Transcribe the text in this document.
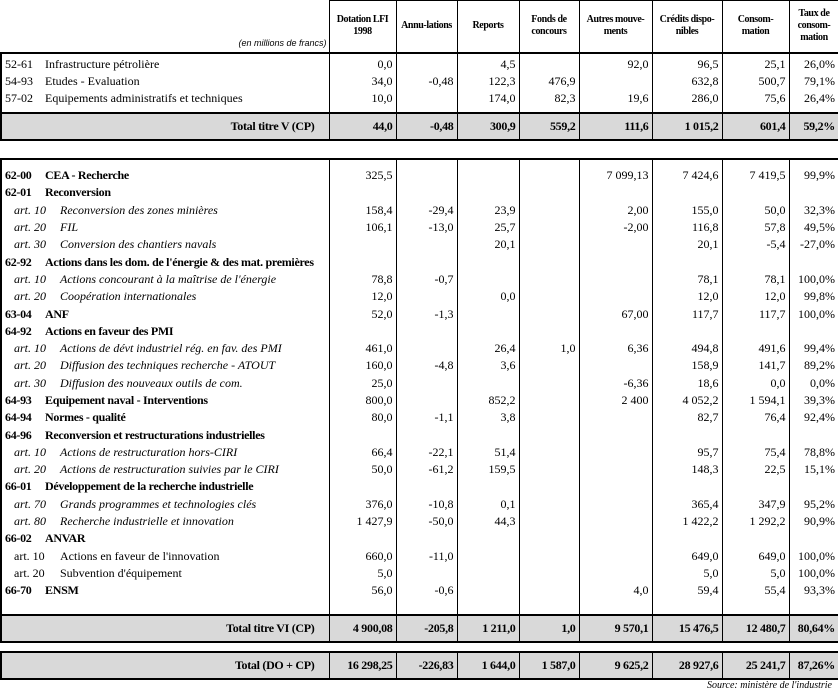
(en millions de francs)	Dotation LFI 1998	Annu-lations	Reports	Fonds de concours	Autres mouve-ments	Crédits dispo-nibles	Consom-mation	Taux de consom-mation

52-61 Infrastructure pétrolière	0,0		4,5		92,0	96,5	25,1	26,0%
54-93 Etudes - Evaluation	34,0	-0,48	122,3	476,9		632,8	500,7	79,1%
57-02 Equipements administratifs et techniques	10,0		174,0	82,3	19,6	286,0	75,6	26,4%

Total titre V (CP)	44,0	-0,48	300,9	559,2	111,6	1 015,2	601,4	59,2%

62-00 CEA - Recherche	325,5				7 099,13	7 424,6	7 419,5	99,9%
62-01 Reconversion								
art. 10 Reconversion des zones minières	158,4	-29,4	23,9		2,00	155,0	50,0	32,3%
art. 20 FIL	106,1	-13,0	25,7		-2,00	116,8	57,8	49,5%
art. 30 Conversion des chantiers navals			20,1			20,1	-5,4	-27,0%
62-92 Actions dans les dom. de l'énergie & des mat. premières								
art. 10 Actions concourant à la maîtrise de l'énergie	78,8	-0,7				78,1	78,1	100,0%
art. 20 Coopération internationales	12,0		0,0			12,0	12,0	99,8%
63-04 ANF	52,0	-1,3			67,00	117,7	117,7	100,0%
64-92 Actions en faveur des PMI								
art. 10 Actions de dévt industriel rég. en fav. des PMI	461,0		26,4	1,0	6,36	494,8	491,6	99,4%
art. 20 Diffusion des techniques recherche - ATOUT	160,0	-4,8	3,6			158,9	141,7	89,2%
art. 30 Diffusion des nouveaux outils de com.	25,0				-6,36	18,6	0,0	0,0%
64-93 Equipement naval - Interventions	800,0		852,2		2 400	4 052,2	1 594,1	39,3%
64-94 Normes - qualité	80,0	-1,1	3,8			82,7	76,4	92,4%
64-96 Reconversion et restructurations industrielles								
art. 10 Actions de restructuration hors-CIRI	66,4	-22,1	51,4			95,7	75,4	78,8%
art. 20 Actions de restructuration suivies par le CIRI	50,0	-61,2	159,5			148,3	22,5	15,1%
66-01 Développement de la recherche industrielle								
art. 70 Grands programmes et technologies clés	376,0	-10,8	0,1			365,4	347,9	95,2%
art. 80 Recherche industrielle et innovation	1 427,9	-50,0	44,3			1 422,2	1 292,2	90,9%
66-02 ANVAR								
art. 10 Actions en faveur de l'innovation	660,0	-11,0				649,0	649,0	100,0%
art. 20 Subvention d'équipement	5,0					5,0	5,0	100,0%
66-70 ENSM	56,0	-0,6			4,0	59,4	55,4	93,3%

Total titre VI (CP)	4 900,08	-205,8	1 211,0	1,0	9 570,1	15 476,5	12 480,7	80,64%
Total (DO + CP)	16 298,25	-226,83	1 644,0	1 587,0	9 625,2	28 927,6	25 241,7	87,26%
Source: ministère de l'industrie
